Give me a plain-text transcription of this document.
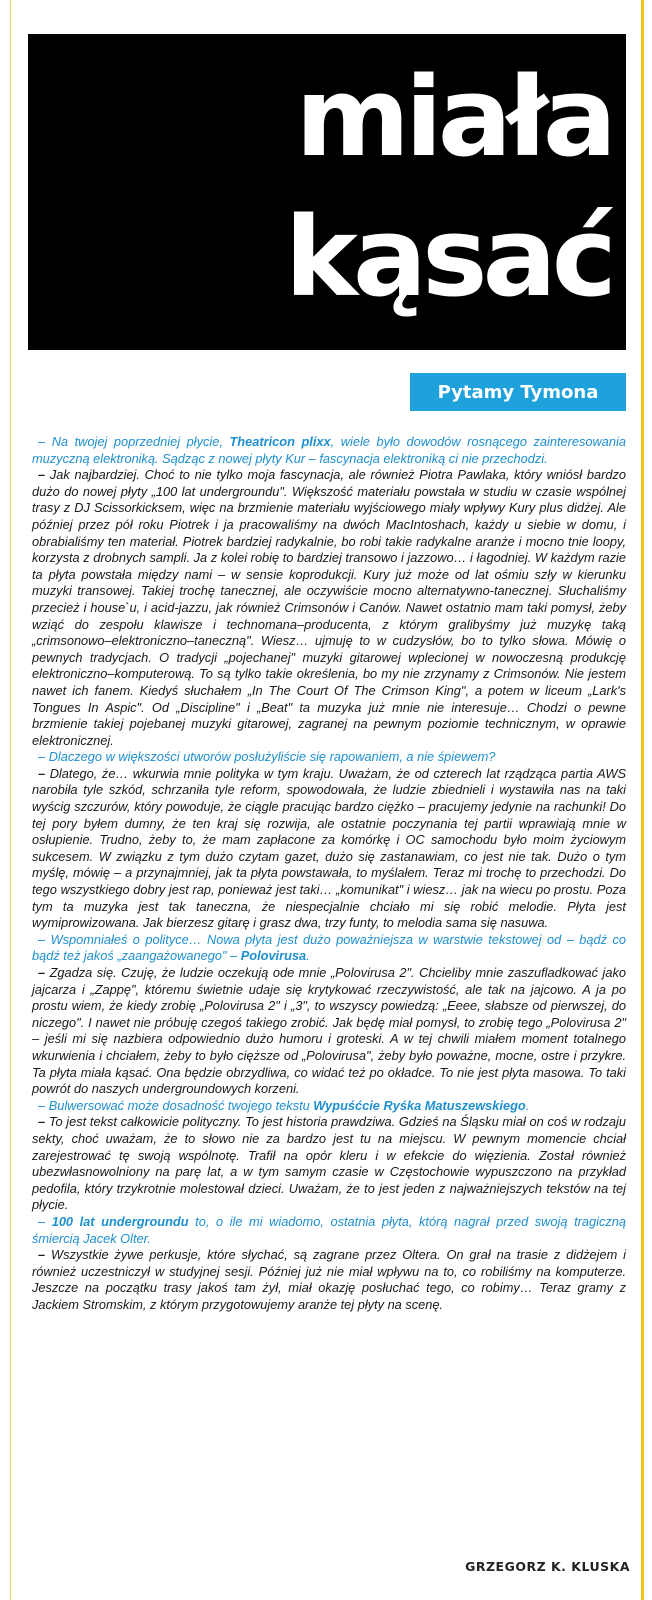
miała
kąsać
Pytamy Tymona

– Na twojej poprzedniej płycie, Theatricon plixx, wiele było dowodów rosnącego zainteresowania muzyczną elektroniką. Sądząc z nowej płyty Kur – fascynacja elektroniką ci nie przechodzi.

– Jak najbardziej. Choć to nie tylko moja fascynacja, ale również Piotra Pawlaka, który wniósł bardzo dużo do nowej płyty „100 lat undergroundu". Większość materiału powstała w studiu w czasie wspólnej trasy z DJ Scissorkicksem, więc na brzmienie materiału wyjściowego miały wpływy Kury plus didżej. Ale później przez pół roku Piotrek i ja pracowaliśmy na dwóch MacIntoshach, każdy u siebie w domu, i obrabialiśmy ten materiał. Piotrek bardziej radykalnie, bo robi takie radykalne aranże i mocno tnie loopy, korzysta z drobnych sampli. Ja z kolei robię to bardziej transowo i jazzowo… i łagodniej. W każdym razie ta płyta powstała między nami – w sensie koprodukcji. Kury już może od lat ośmiu szły w kierunku muzyki transowej. Takiej trochę tanecznej, ale oczywiście mocno alternatywno-tanecznej. Słuchaliśmy przecież i house`u, i acid-jazzu, jak również Crimsonów i Canów. Nawet ostatnio mam taki pomysł, żeby wziąć do zespołu klawisze i technomana–producenta, z którym gralibyśmy już muzykę taką „crimsonowo–elektroniczno–taneczną". Wiesz… ujmuję to w cudzysłów, bo to tylko słowa. Mówię o pewnych tradycjach. O tradycji „pojechanej" muzyki gitarowej wplecionej w nowoczesną produkcję elektroniczno–komputerową. To są tylko takie określenia, bo my nie zrzynamy z Crimsonów. Nie jestem nawet ich fanem. Kiedyś słuchałem „In The Court Of The Crimson King", a potem w liceum „Lark's Tongues In Aspic". Od „Discipline" i „Beat" ta muzyka już mnie nie interesuje… Chodzi o pewne brzmienie takiej pojebanej muzyki gitarowej, zagranej na pewnym poziomie technicznym, w oprawie elektronicznej.

– Dlaczego w większości utworów posłużyliście się rapowaniem, a nie śpiewem?

– Dlatego, że… wkurwia mnie polityka w tym kraju. Uważam, że od czterech lat rządząca partia AWS narobiła tyle szkód, schrzaniła tyle reform, spowodowała, że ludzie zbiednieli i wystawiła nas na taki wyścig szczurów, który powoduje, że ciągle pracując bardzo ciężko – pracujemy jedynie na rachunki! Do tej pory byłem dumny, że ten kraj się rozwija, ale ostatnie poczynania tej partii wprawiają mnie w osłupienie. Trudno, żeby to, że mam zapłacone za komórkę i OC samochodu było moim życiowym sukcesem. W związku z tym dużo czytam gazet, dużo się zastanawiam, co jest nie tak. Dużo o tym myślę, mówię – a przynajmniej, jak ta płyta powstawała, to myślałem. Teraz mi trochę to przechodzi. Do tego wszystkiego dobry jest rap, ponieważ jest taki… „komunikat" i wiesz… jak na wiecu po prostu. Poza tym ta muzyka jest tak taneczna, że niespecjalnie chciało mi się robić melodie. Płyta jest wymiprowizowana. Jak bierzesz gitarę i grasz dwa, trzy funty, to melodia sama się nasuwa.

– Wspomniałeś o polityce… Nowa płyta jest dużo poważniejsza w warstwie tekstowej od – bądź co bądź też jakoś „zaangażowanego" – Polovirusa.

– Zgadza się. Czuję, że ludzie oczekują ode mnie „Polovirusa 2". Chcieliby mnie zaszufladkować jako jajcarza i „Zappę", któremu świetnie udaje się krytykować rzeczywistość, ale tak na jajcowo. A ja po prostu wiem, że kiedy zrobię „Polovirusa 2" i „3", to wszyscy powiedzą: „Eeee, słabsze od pierwszej, do niczego". I nawet nie próbuję czegoś takiego zrobić. Jak będę miał pomysł, to zrobię tego „Polovirusa 2" – jeśli mi się nazbiera odpowiednio dużo humoru i groteski. A w tej chwili miałem moment totalnego wkurwienia i chciałem, żeby to było cięższe od „Polovirusa", żeby było poważne, mocne, ostre i przykre. Ta płyta miała kąsać. Ona będzie obrzydliwa, co widać też po okładce. To nie jest płyta masowa. To taki powrót do naszych undergroundowych korzeni.

– Bulwersować może dosadność twojego tekstu Wypuśćcie Ryśka Matuszewskiego.

– To jest tekst całkowicie polityczny. To jest historia prawdziwa. Gdzieś na Śląsku miał on coś w rodzaju sekty, choć uważam, że to słowo nie za bardzo jest tu na miejscu. W pewnym momencie chciał zarejestrować tę swoją wspólnotę. Trafił na opór kleru i w efekcie do więzienia. Został również ubezwłasnowolniony na parę lat, a w tym samym czasie w Częstochowie wypuszczono na przykład pedofila, który trzykrotnie molestował dzieci. Uważam, że to jest jeden z najważniejszych tekstów na tej płycie.

– 100 lat undergroundu to, o ile mi wiadomo, ostatnia płyta, którą nagrał przed swoją tragiczną śmiercią Jacek Olter.

– Wszystkie żywe perkusje, które słychać, są zagrane przez Oltera. On grał na trasie z didżejem i również uczestniczył w studyjnej sesji. Później już nie miał wpływu na to, co robiliśmy na komputerze. Jeszcze na początku trasy jakoś tam żył, miał okazję posłuchać tego, co robimy… Teraz gramy z Jackiem Stromskim, z którym przygotowujemy aranże tej płyty na scenę.

GRZEGORZ K. KLUSKA
